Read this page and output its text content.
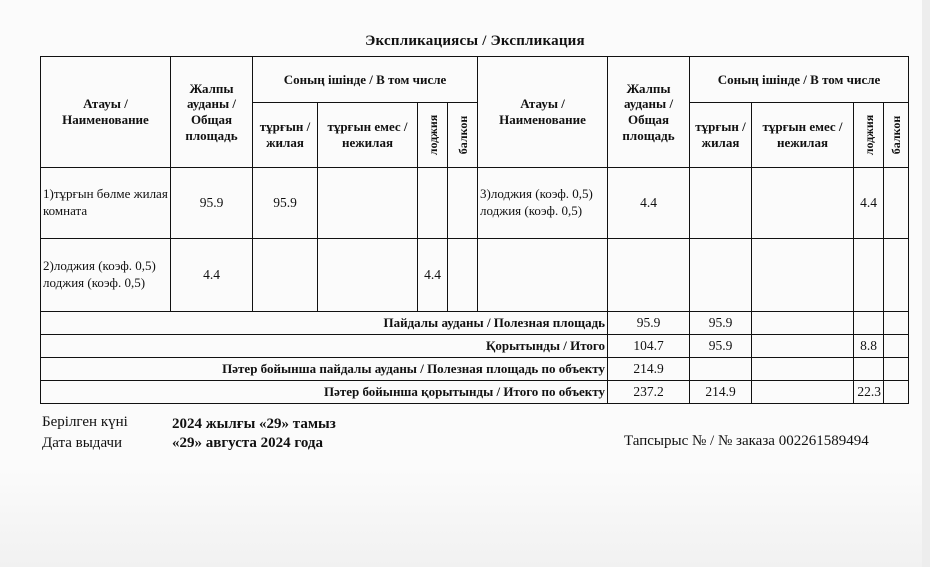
Экспликациясы / Экспликация
Атауы / Наименование	Жалпы ауданы / Общая площадь	Соның ішінде / В том числе				Атауы / Наименование	Жалпы ауданы / Общая площадь	Соның ішінде / В том числе			
		тұрғын / жилая	тұрғын емес / нежилая	лоджия	балкон			тұрғын / жилая	тұрғын емес / нежилая	лоджия	балкон

1)тұрғын бөлме жилая комната	95.9	95.9				3)лоджия (коэф. 0,5) лоджия (коэф. 0,5)	4.4			4.4	
2)лоджия (коэф. 0,5) лоджия (коэф. 0,5)	4.4			4.4							
Пайдалы ауданы / Полезная площадь							95.9	95.9			
Қорытынды / Итого							104.7	95.9		8.8	
Пәтер бойынша пайдалы ауданы / Полезная площадь по объекту							214.9				
Пәтер бойынша қорытынды / Итого по объекту							237.2	214.9		22.3	
Берілген күні	2024 жылғы «29» тамыз
Дата выдачи	«29» августа 2024 года	Тапсырыс № / № заказа 002261589494
